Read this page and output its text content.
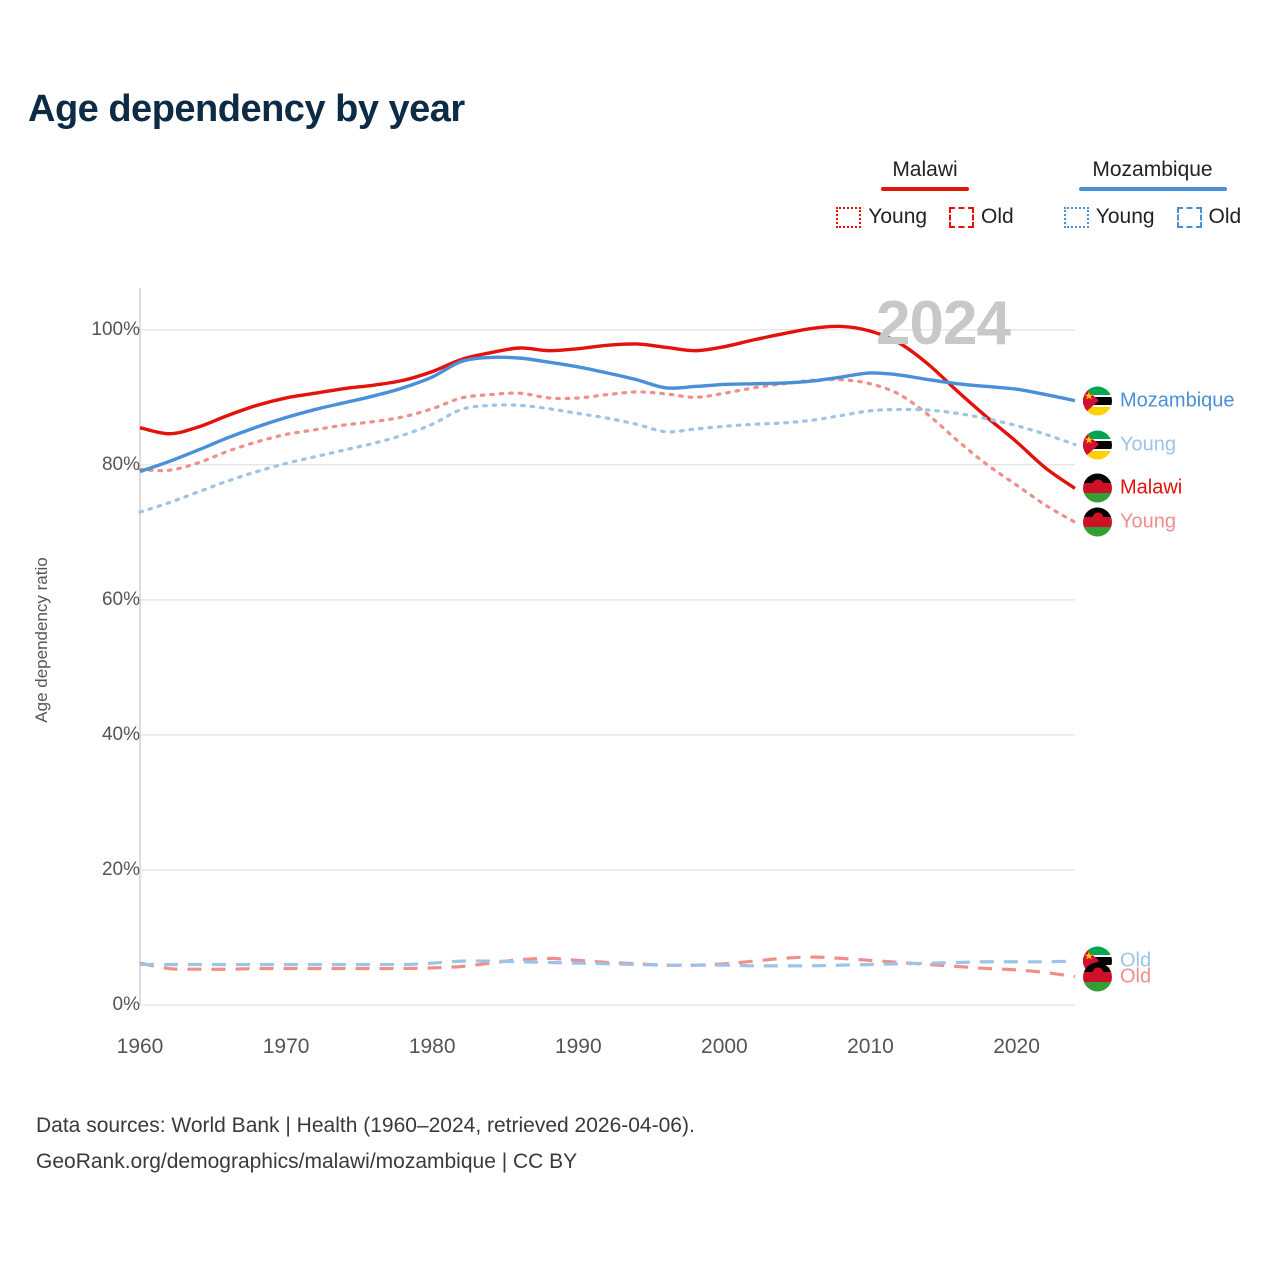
Age dependency by year
Malawi
Young	Old
Mozambique
Young	Old
Age dependency ratio
2024
0%
20%
40%
60%
80%
100%
1960	1970	1980	1990	2000	2010	2020
★
Mozambique
★
Young
Malawi
Young
★
Old
Old
Data sources: World Bank | Health (1960–2024, retrieved 2026-04-06).
GeoRank.org/demographics/malawi/mozambique | CC BY
